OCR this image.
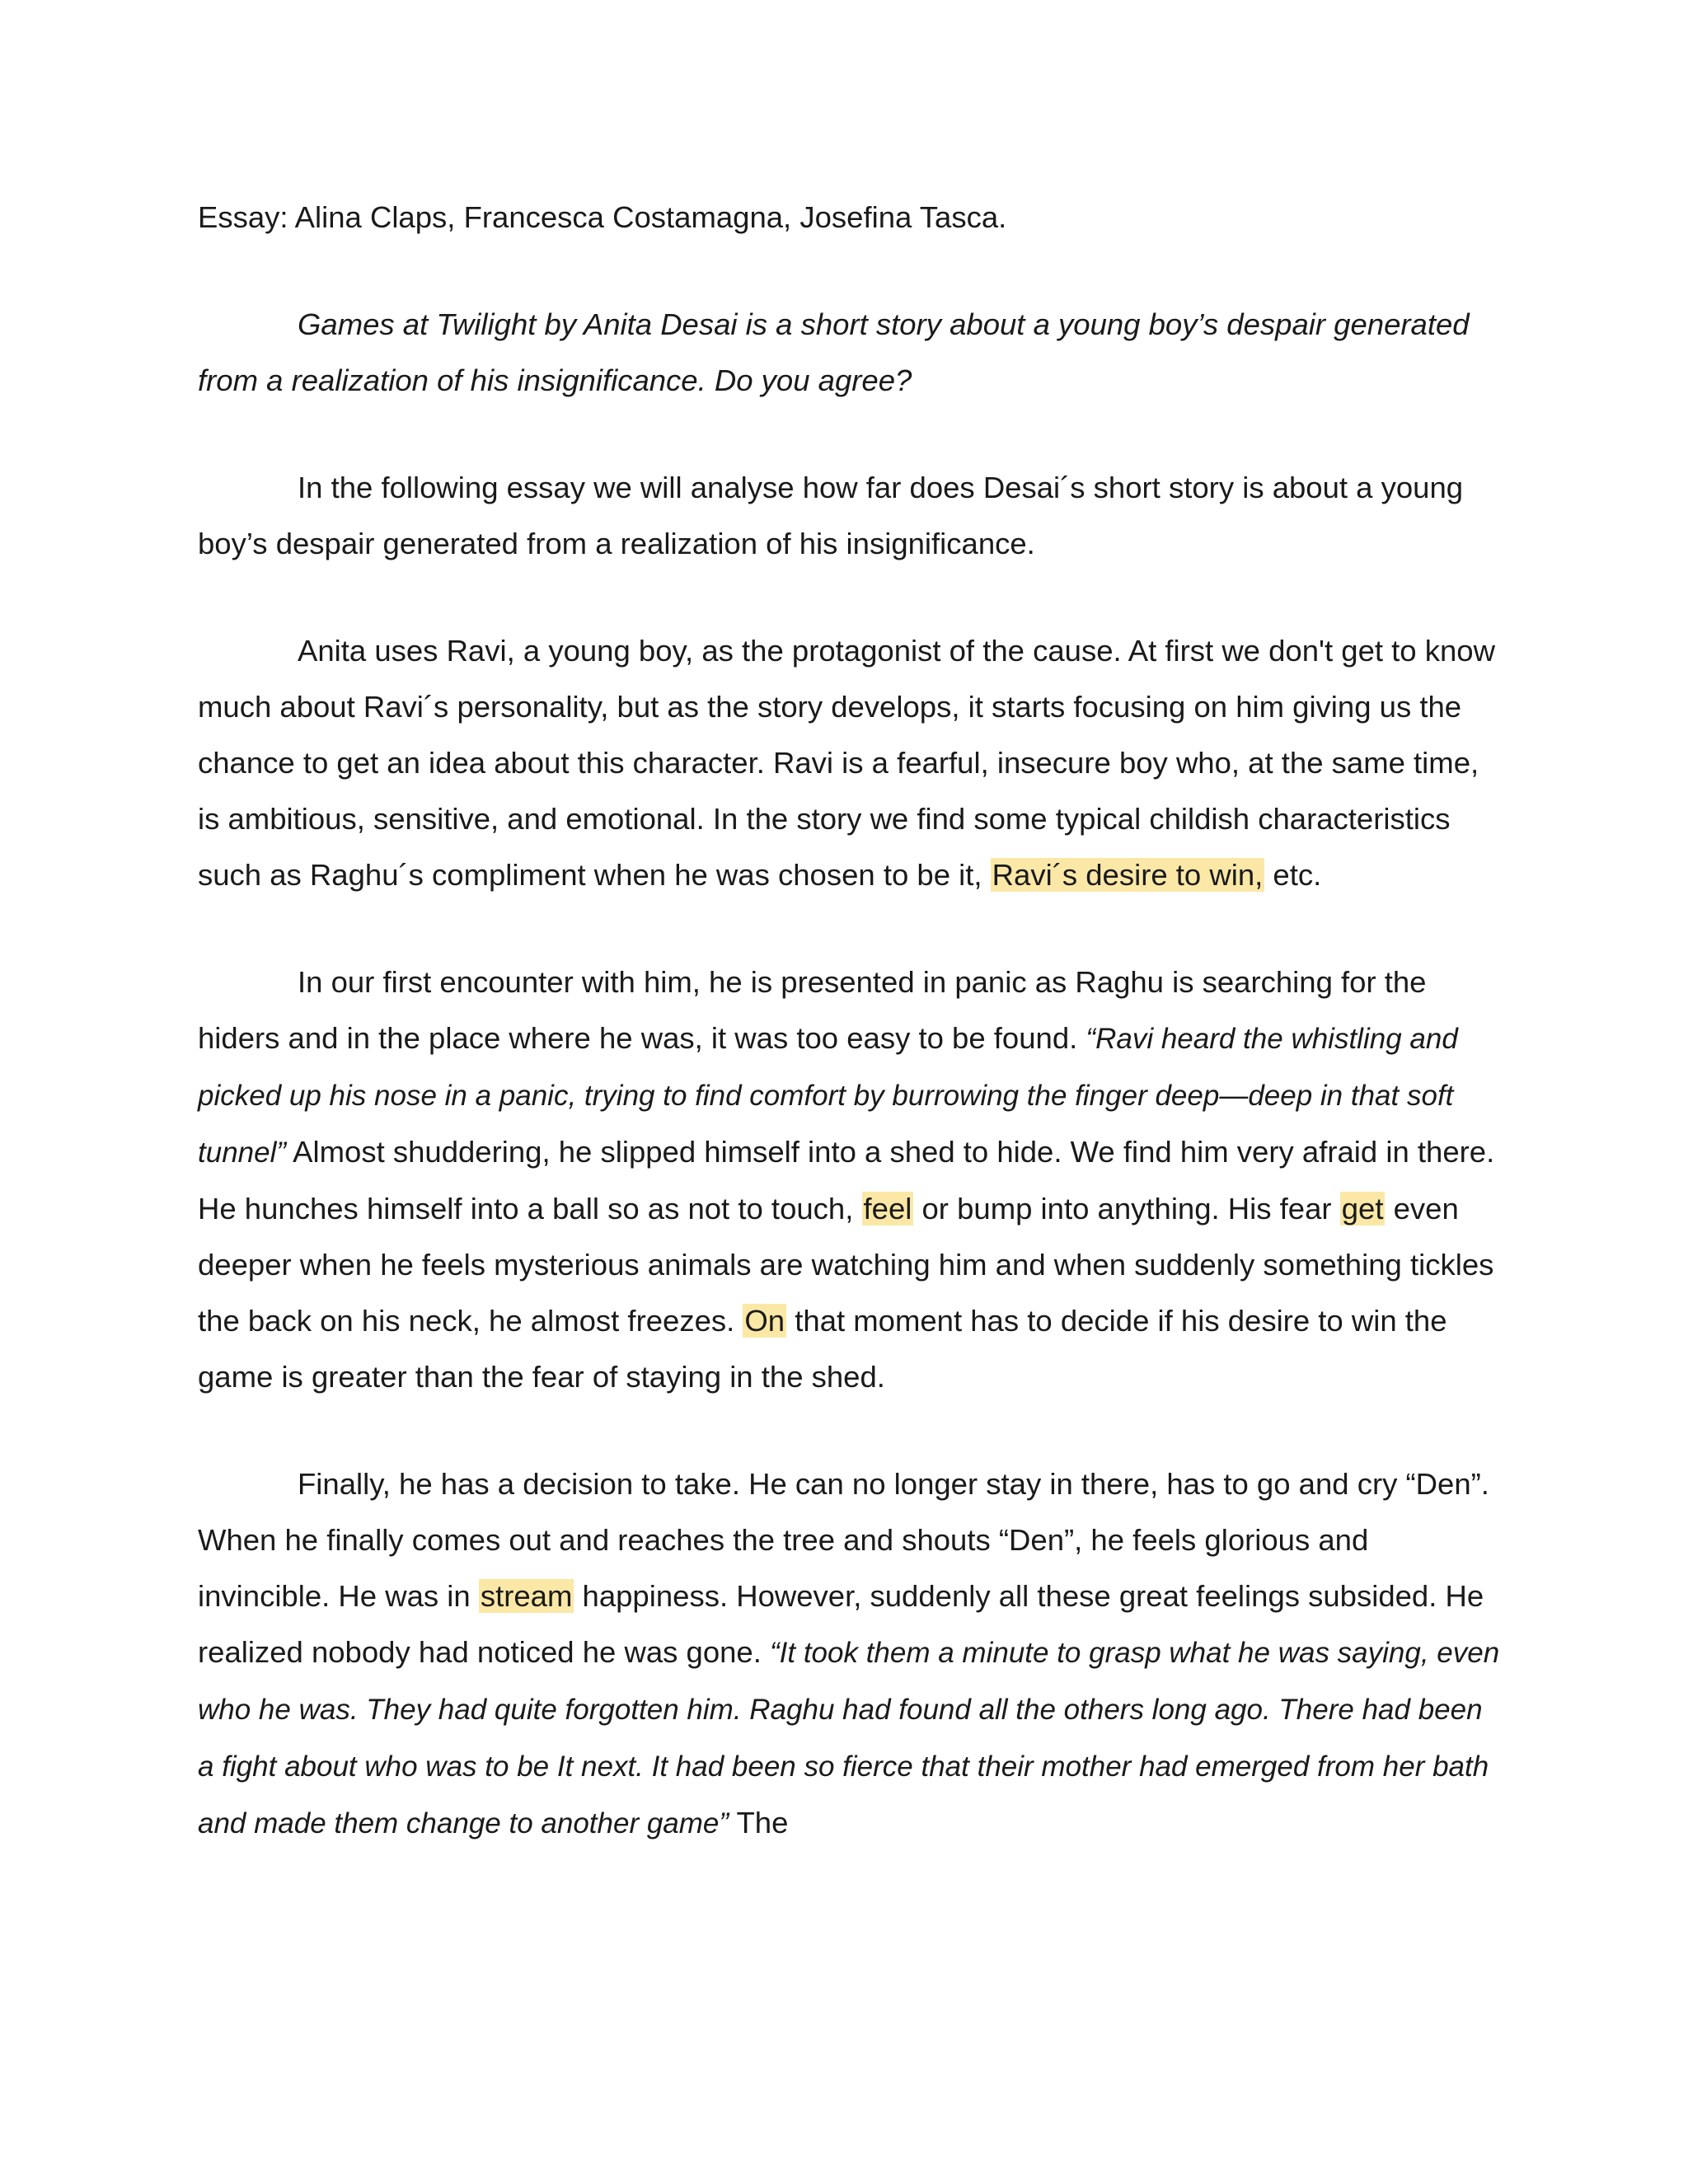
Essay: Alina Claps, Francesca Costamagna, Josefina Tasca.

Games at Twilight by Anita Desai is a short story about a young boy’s despair generated from a realization of his insignificance. Do you agree?

In the following essay we will analyse how far does Desai´s short story is about a young boy’s despair generated from a realization of his insignificance.

Anita uses Ravi, a young boy, as the protagonist of the cause. At first we don't get to know much about Ravi´s personality, but as the story develops, it starts focusing on him giving us the chance to get an idea about this character. Ravi is a fearful, insecure boy who, at the same time, is ambitious, sensitive, and emotional. In the story we find some typical childish characteristics such as Raghu´s compliment when he was chosen to be it, Ravi´s desire to win, etc.

In our first encounter with him, he is presented in panic as Raghu is searching for the hiders and in the place where he was, it was too easy to be found. “Ravi heard the whistling and picked up his nose in a panic, trying to find comfort by burrowing the finger deep—deep in that soft tunnel” Almost shuddering, he slipped himself into a shed to hide. We find him very afraid in there. He hunches himself into a ball so as not to touch, feel or bump into anything. His fear get even deeper when he feels mysterious animals are watching him and when suddenly something tickles the back on his neck, he almost freezes. On that moment has to decide if his desire to win the game is greater than the fear of staying in the shed.

Finally, he has a decision to take. He can no longer stay in there, has to go and cry “Den”. When he finally comes out and reaches the tree and shouts “Den”, he feels glorious and invincible. He was in stream happiness. However, suddenly all these great feelings subsided. He realized nobody had noticed he was gone. “It took them a minute to grasp what he was saying, even who he was. They had quite forgotten him. Raghu had found all the others long ago. There had been a fight about who was to be It next. It had been so fierce that their mother had emerged from her bath and made them change to another game” The
